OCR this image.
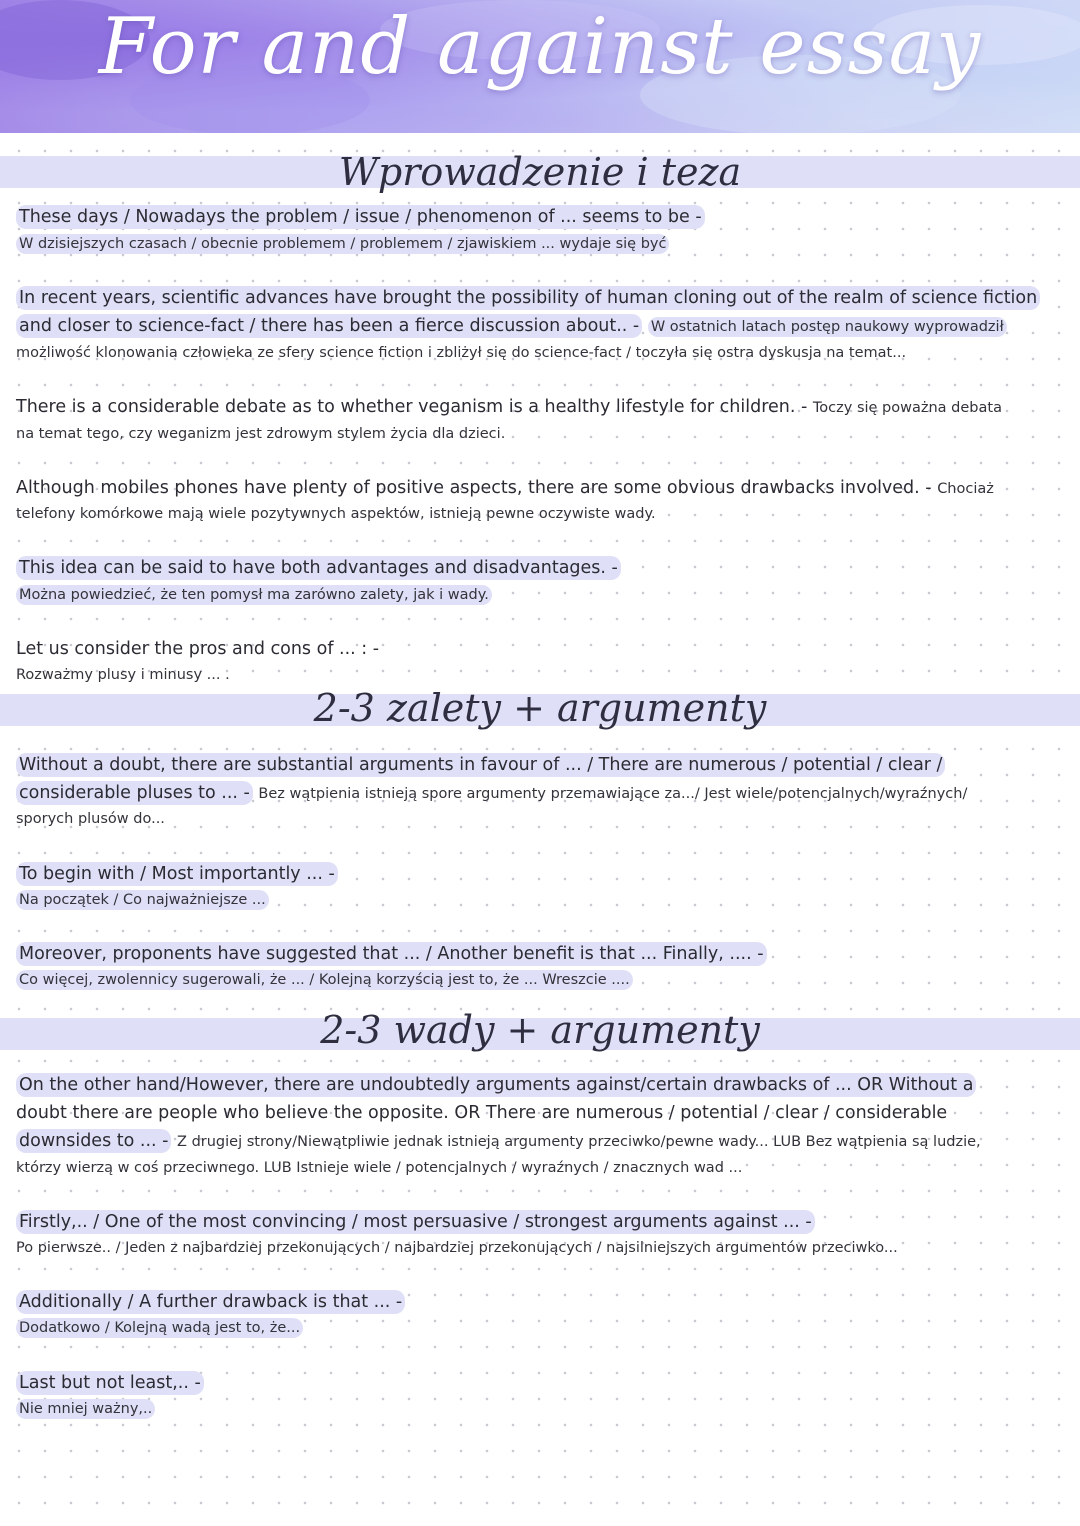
For and against essay
Wprowadzenie i teza
These days / Nowadays the problem / issue / phenomenon of ... seems to be -
W dzisiejszych czasach / obecnie problemem / problemem / zjawiskiem ... wydaje się być
In recent years, scientific advances have brought the possibility of human cloning out of the realm of science fiction
and closer to science-fact / there has been a fierce discussion about.. - W ostatnich latach postęp naukowy wyprowadził
możliwość klonowania człowieka ze sfery science fiction i zbliżył się do science-fact / toczyła się ostra dyskusja na temat...
There is a considerable debate as to whether veganism is a healthy lifestyle for children. - Toczy się poważna debata
na temat tego, czy weganizm jest zdrowym stylem życia dla dzieci.
Although mobiles phones have plenty of positive aspects, there are some obvious drawbacks involved. - Chociaż
telefony komórkowe mają wiele pozytywnych aspektów, istnieją pewne oczywiste wady.
This idea can be said to have both advantages and disadvantages. -
Można powiedzieć, że ten pomysł ma zarówno zalety, jak i wady.
Let us consider the pros and cons of ... : -
Rozważmy plusy i minusy ... .
2-3 zalety + argumenty
Without a doubt, there are substantial arguments in favour of ... / There are numerous / potential / clear /
considerable pluses to ... - Bez wątpienia istnieją spore argumenty przemawiające za.../ Jest wiele/potencjalnych/wyraźnych/
sporych plusów do...
To begin with / Most importantly ... -
Na początek / Co najważniejsze ...
Moreover, proponents have suggested that ... / Another benefit is that ... Finally, .... -
Co więcej, zwolennicy sugerowali, że ... / Kolejną korzyścią jest to, że ... Wreszcie ....
2-3 wady + argumenty
On the other hand/However, there are undoubtedly arguments against/certain drawbacks of ... OR Without a
doubt there are people who believe the opposite. OR There are numerous / potential / clear / considerable
downsides to ... - Z drugiej strony/Niewątpliwie jednak istnieją argumenty przeciwko/pewne wady... LUB Bez wątpienia są ludzie,
którzy wierzą w coś przeciwnego. LUB Istnieje wiele / potencjalnych / wyraźnych / znacznych wad ...
Firstly,.. / One of the most convincing / most persuasive / strongest arguments against ... -
Po pierwsze.. / Jeden z najbardziej przekonujących / najbardziej przekonujących / najsilniejszych argumentów przeciwko...
Additionally / A further drawback is that ... -
Dodatkowo / Kolejną wadą jest to, że...
Last but not least,.. -
Nie mniej ważny,..
